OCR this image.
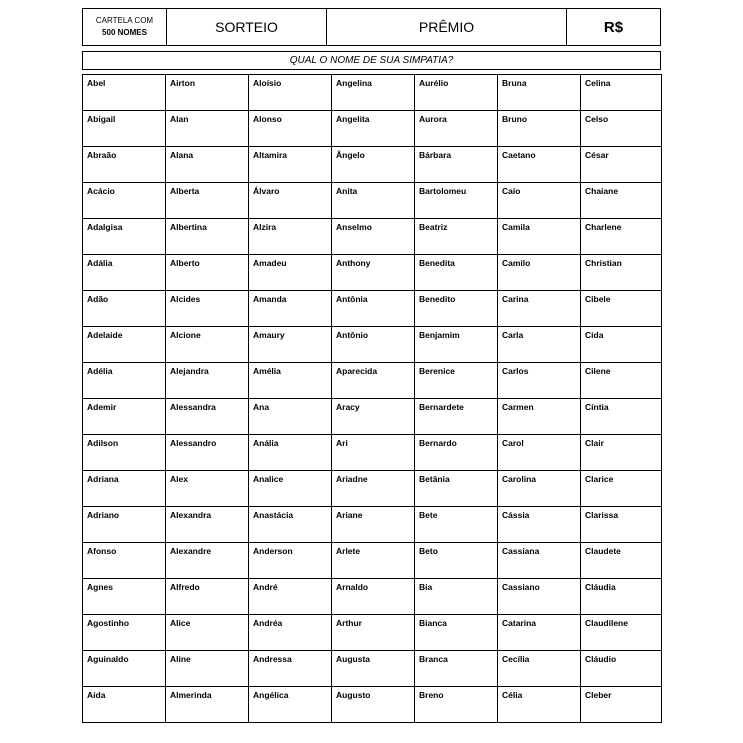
CARTELA COM
500 NOMES	SORTEIO	PRÊMIO	R$
QUAL O NOME DE SUA SIMPATIA?
Abel	Airton	Aloísio	Angelina	Aurélio	Bruna	Celina
Abigail	Alan	Alonso	Angelita	Aurora	Bruno	Celso
Abraão	Alana	Altamira	Ângelo	Bárbara	Caetano	César
Acácio	Alberta	Álvaro	Anita	Bartolomeu	Caio	Chaiane
Adalgisa	Albertina	Alzira	Anselmo	Beatriz	Camila	Charlene
Adália	Alberto	Amadeu	Anthony	Benedita	Camilo	Christian
Adão	Alcides	Amanda	Antônia	Benedito	Carina	Cibele
Adelaide	Alcione	Amaury	Antônio	Benjamim	Carla	Cida
Adélia	Alejandra	Amélia	Aparecida	Berenice	Carlos	Cilene
Ademir	Alessandra	Ana	Aracy	Bernardete	Carmen	Cíntia
Adilson	Alessandro	Anália	Ari	Bernardo	Carol	Clair
Adriana	Alex	Analice	Ariadne	Betânia	Carolina	Clarice
Adriano	Alexandra	Anastácia	Ariane	Bete	Cássia	Clarissa
Afonso	Alexandre	Anderson	Arlete	Beto	Cassiana	Claudete
Agnes	Alfredo	André	Arnaldo	Bia	Cassiano	Cláudia
Agostinho	Alice	Andréa	Arthur	Bianca	Catarina	Claudilene
Aguinaldo	Aline	Andressa	Augusta	Branca	Cecília	Cláudio
Aída	Almerinda	Angélica	Augusto	Breno	Célia	Cleber
